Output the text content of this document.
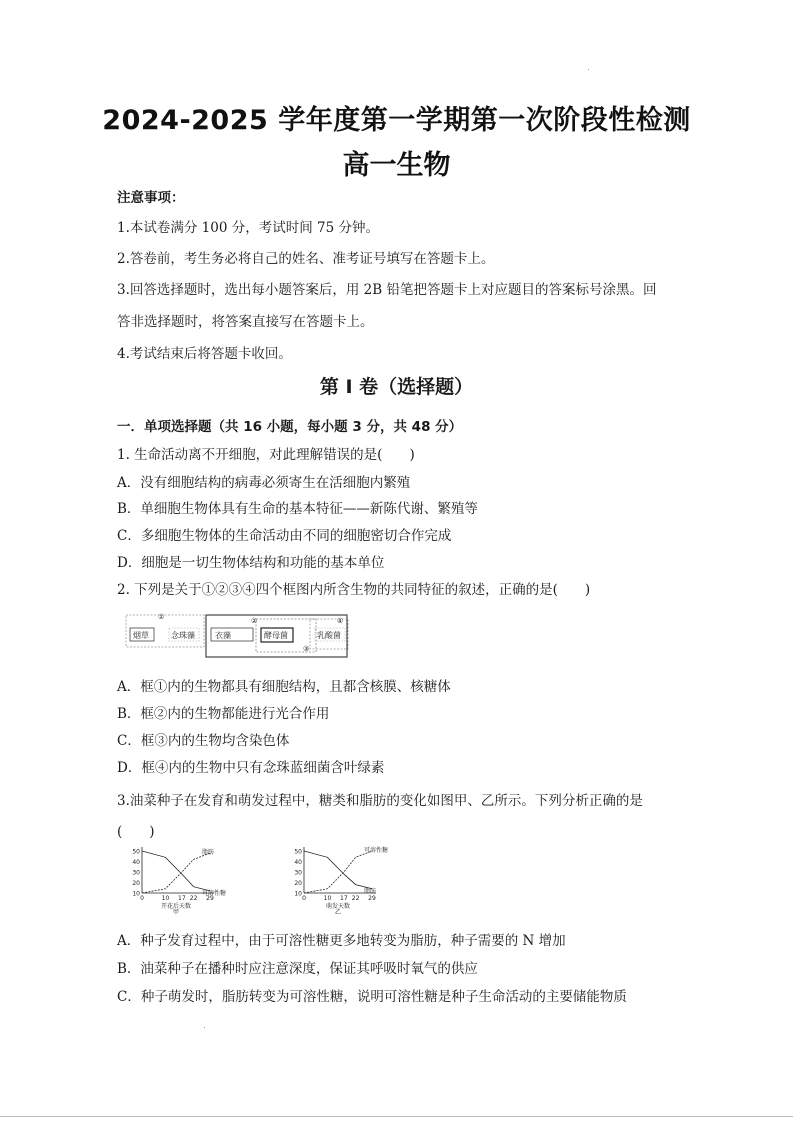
2024-2025 学年度第一学期第一次阶段性检测
高一生物
注意事项：
1.本试卷满分 100 分，考试时间 75 分钟。
2.答卷前，考生务必将自己的姓名、准考证号填写在答题卡上。
3.回答选择题时，选出每小题答案后，用 2B 铅笔把答题卡上对应题目的答案标号涂黑。回
答非选择题时，将答案直接写在答题卡上。
4.考试结束后将答题卡收回。
第 I 卷（选择题）
一．单项选择题（共 16 小题，每小题 3 分，共 48 分）
1. 生命活动离不开细胞，对此理解错误的是(　　)
A．没有细胞结构的病毒必须寄生在活细胞内繁殖
B．单细胞生物体具有生命的基本特征——新陈代谢、繁殖等
C．多细胞生物体的生命活动由不同的细胞密切合作完成
D．细胞是一切生物体结构和功能的基本单位
2. 下列是关于①②③④四个框图内所含生物的共同特征的叙述，正确的是(　　)
①	②
③
④
烟草	念珠藻	衣藻	酵母菌	乳酸菌
A．框①内的生物都具有细胞结构，且都含核膜、核糖体
B．框②内的生物都能进行光合作用
C．框③内的生物均含染色体
D．框④内的生物中只有念珠蓝细菌含叶绿素
3.油菜种子在发育和萌发过程中，糖类和脂肪的变化如图甲、乙所示。下列分析正确的是
(　　)
50
40
30
20
10
0	10 17 22 29
脂肪
可溶性糖
开花后天数
甲
50
40
30
20
10
0	10 17 22 29
可溶性糖
脂肪
萌发天数
乙
A．种子发育过程中，由于可溶性糖更多地转变为脂肪，种子需要的 N 增加
B．油菜种子在播种时应注意深度，保证其呼吸时氧气的供应
C．种子萌发时，脂肪转变为可溶性糖，说明可溶性糖是种子生命活动的主要储能物质
